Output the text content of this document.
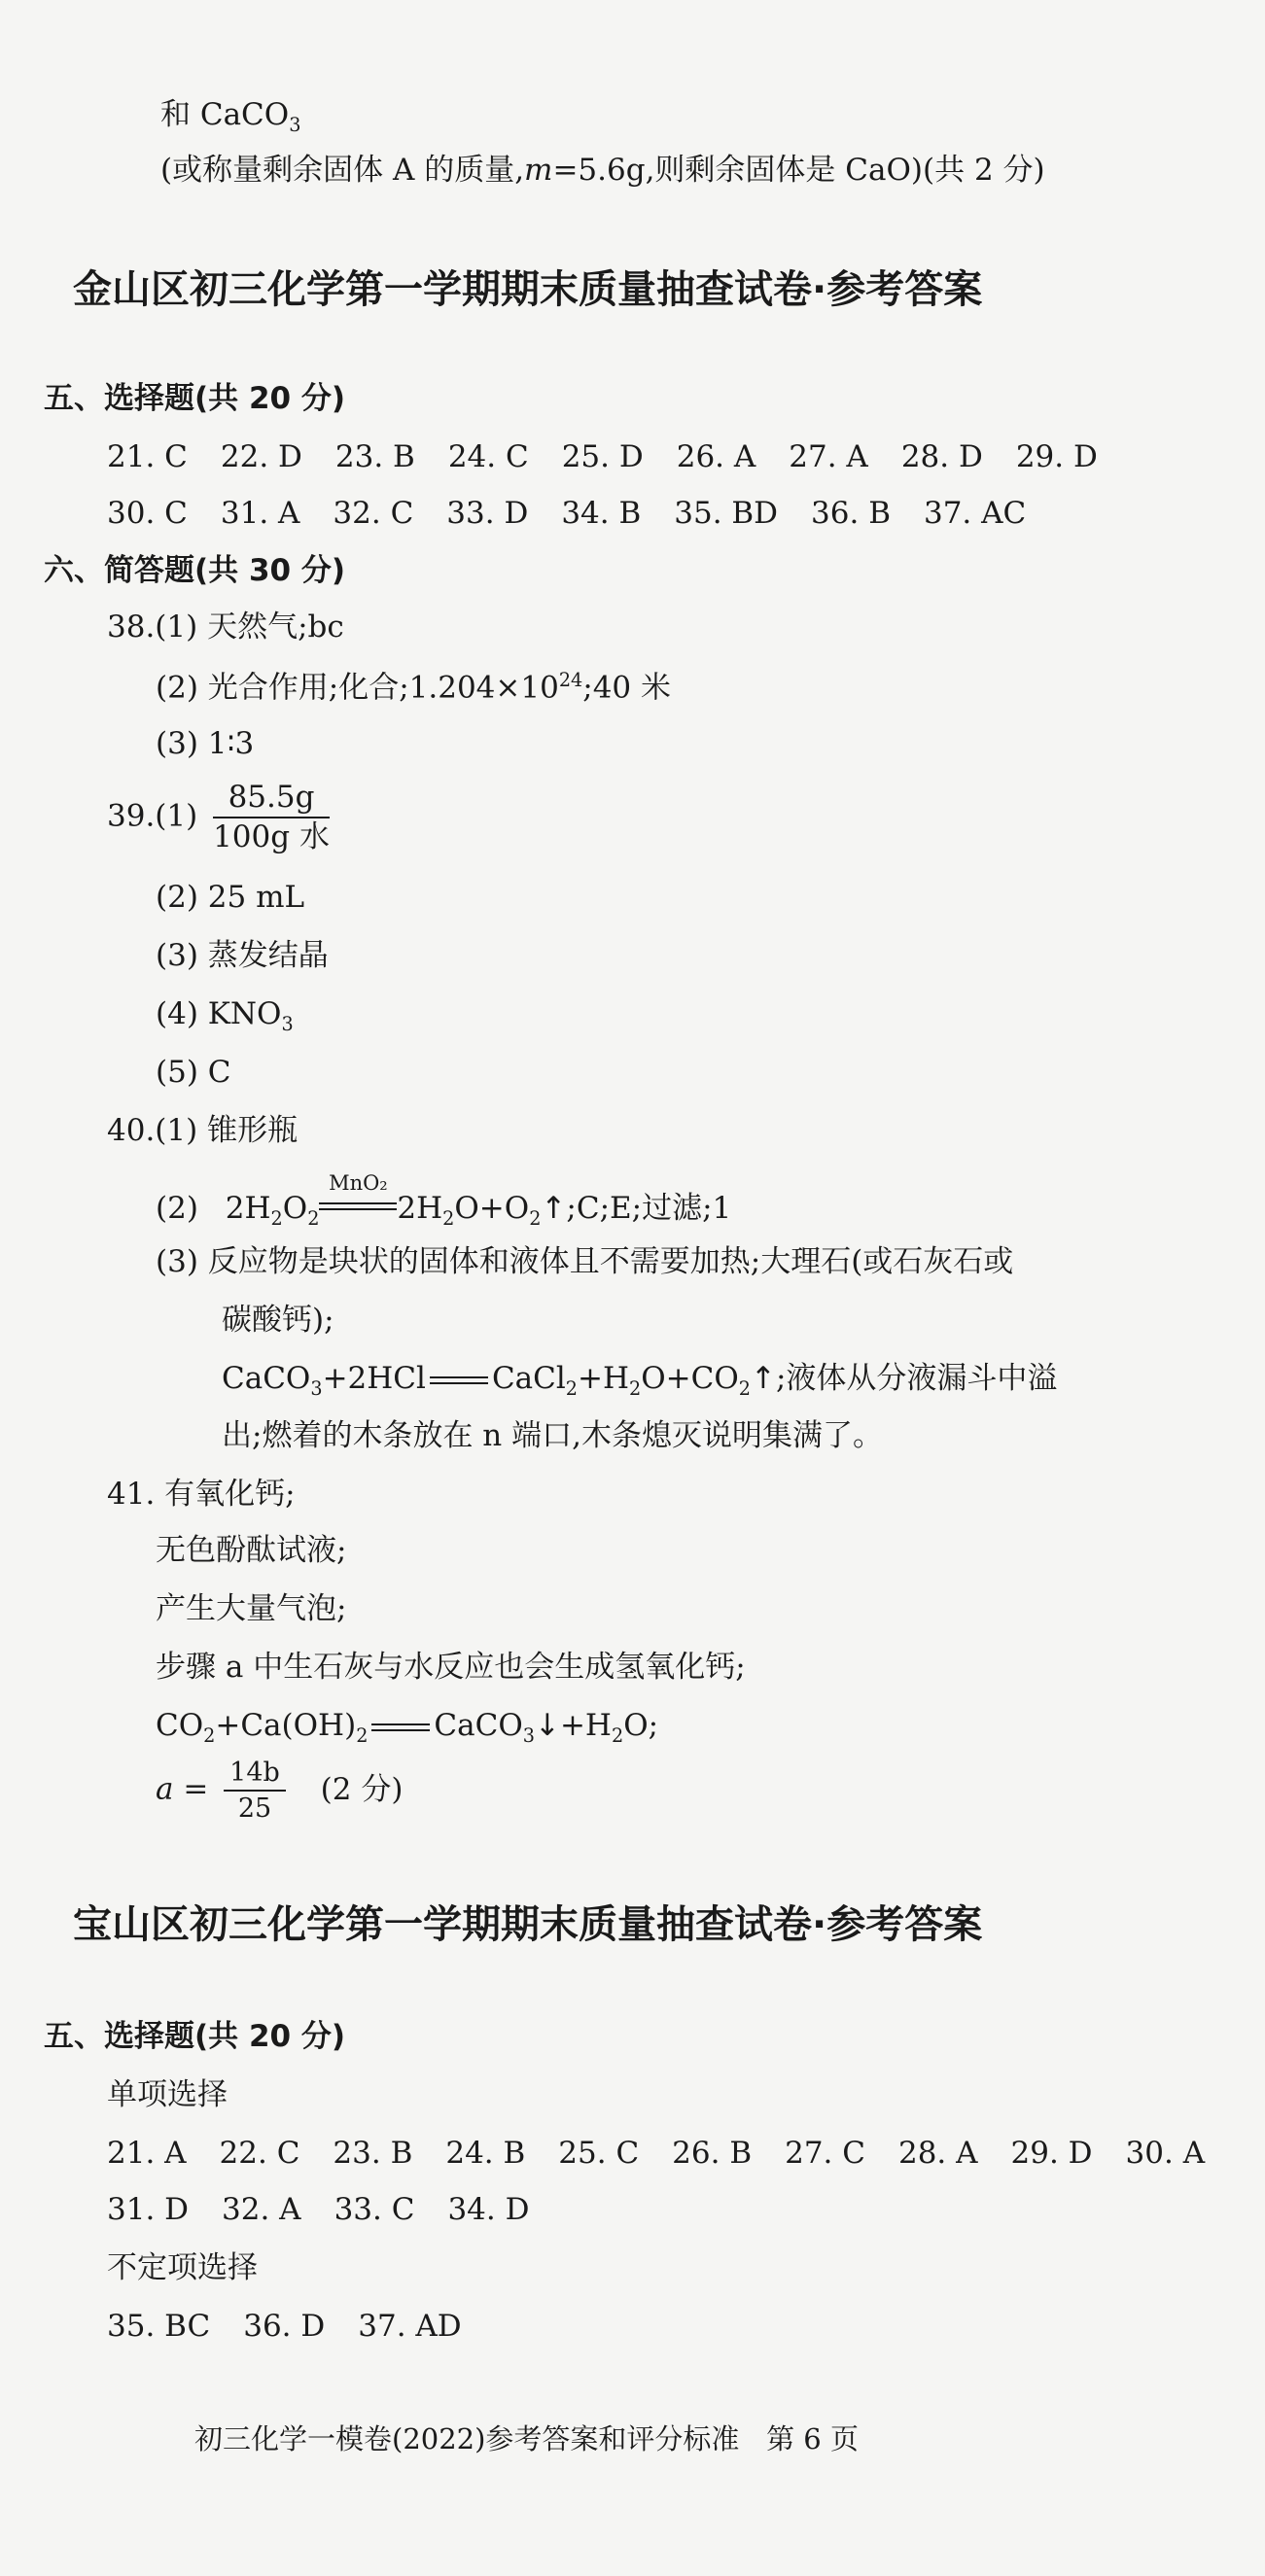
和 CaCO$_3$
(或称量剩余固体 A 的质量,m=5.6g,则剩余固体是 CaO)(共 2 分)
金山区初三化学第一学期期末质量抽查试卷·参考答案
五、选择题(共 20 分)
21. C 22. D 23. B 24. C 25. D 26. A 27. A 28. D 29. D
30. C 31. A 32. C 33. D 34. B 35. BD 36. B 37. AC
六、简答题(共 30 分)
38.(1) 天然气;bc
(2) 光合作用;化合$;1.204\times 10^{24};40$ 米
(3) 1∶3
$39.(1) \frac{85.5g}{\text{100g 水}}$
(2) 25 mL
(3) 蒸发结晶
(4) $KNO_3$
(5) C
40.(1) 锥形瓶
(2) $2H_2O_2$
MnO₂
$2H_2O+O_2↑;C;E$;过滤;1
(3) 反应物是块状的固体和液体且不需要加热;大理石(或石灰石或
碳酸钙);
CaCO$_3$+2HCl $CaCl_2+H_2O+CO_2↑$;液体从分液漏斗中溢
出;燃着的木条放在 n 端口,木条熄灭说明集满了。
41. 有氧化钙;
无色酚酞试液;
产生大量气泡;
步骤 a 中生石灰与水反应也会生成氢氧化钙;
$CO_2+Ca(OH)_2$ $CaCO_3↓+H_2O$;
$a = \frac{14b}{25} (2$ 分)
宝山区初三化学第一学期期末质量抽查试卷·参考答案
五、选择题(共 20 分)
单项选择
21. A 22. C 23. B 24. B 25. C 26. B 27. C 28. A 29. D 30. A
31. D 32. A 33. C 34. D
不定项选择
35. BC 36. D 37. AD
初三化学一模卷(2022)参考答案和评分标准   第 6 页
